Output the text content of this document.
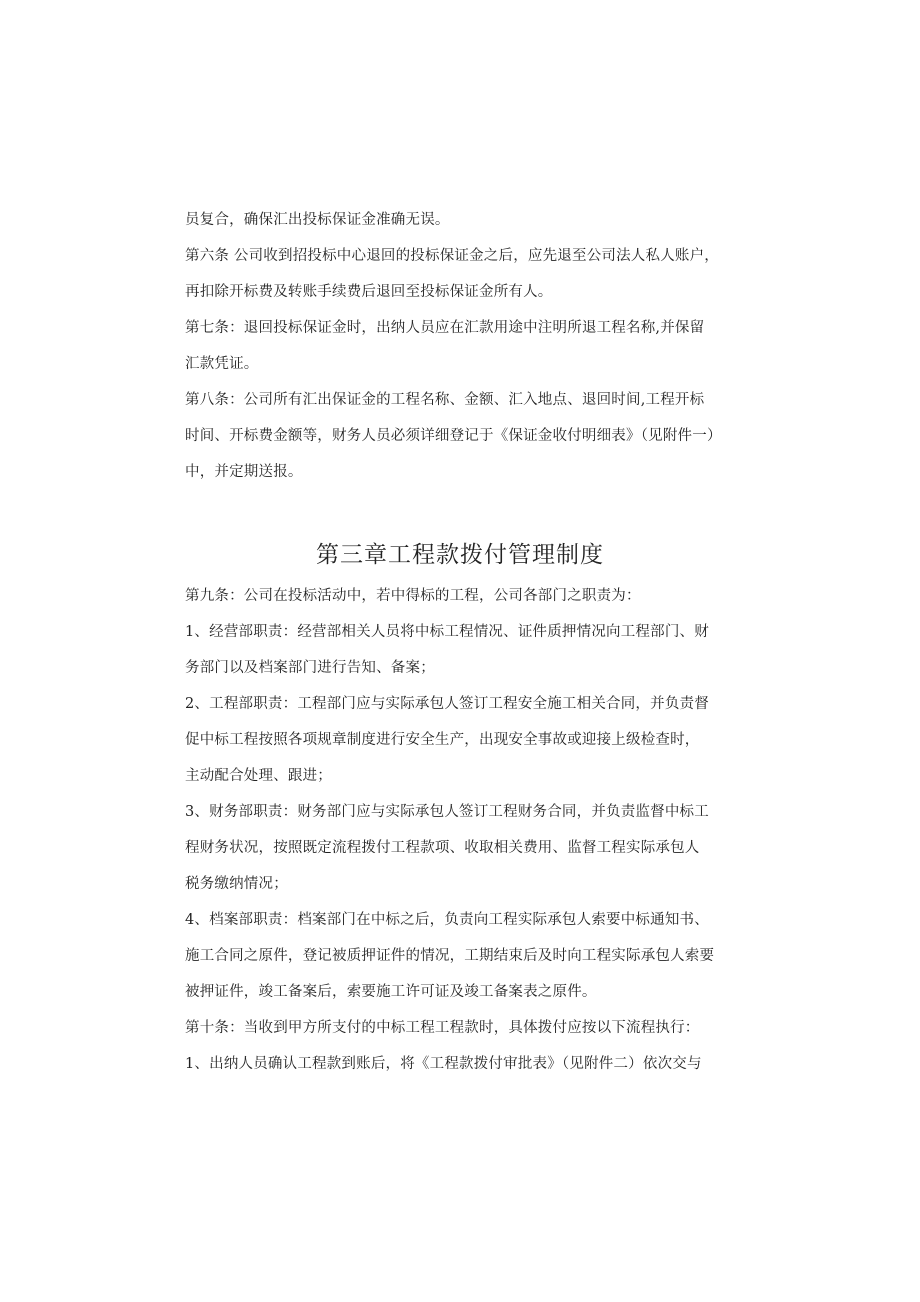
员复合，确保汇出投标保证金准确无误。
第六条 公司收到招投标中心退回的投标保证金之后，应先退至公司法人私人账户，
再扣除开标费及转账手续费后退回至投标保证金所有人。
第七条：退回投标保证金时，出纳人员应在汇款用途中注明所退工程名称,并保留
汇款凭证。
第八条：公司所有汇出保证金的工程名称、金额、汇入地点、退回时间,工程开标
时间、开标费金额等，财务人员必须详细登记于《保证金收付明细表》（见附件一）
中，并定期送报。
第三章工程款拨付管理制度
第九条：公司在投标活动中，若中得标的工程，公司各部门之职责为：
1、经营部职责：经营部相关人员将中标工程情况、证件质押情况向工程部门、财
务部门以及档案部门进行告知、备案；
2、工程部职责：工程部门应与实际承包人签订工程安全施工相关合同，并负责督
促中标工程按照各项规章制度进行安全生产，出现安全事故或迎接上级检查时，
主动配合处理、跟进；
3、财务部职责：财务部门应与实际承包人签订工程财务合同，并负责监督中标工
程财务状况，按照既定流程拨付工程款项、收取相关费用、监督工程实际承包人
税务缴纳情况；
4、档案部职责：档案部门在中标之后，负责向工程实际承包人索要中标通知书、
施工合同之原件，登记被质押证件的情况，工期结束后及时向工程实际承包人索要
被押证件，竣工备案后，索要施工许可证及竣工备案表之原件。
第十条：当收到甲方所支付的中标工程工程款时，具体拨付应按以下流程执行：
1、出纳人员确认工程款到账后，将《工程款拨付审批表》（见附件二）依次交与
